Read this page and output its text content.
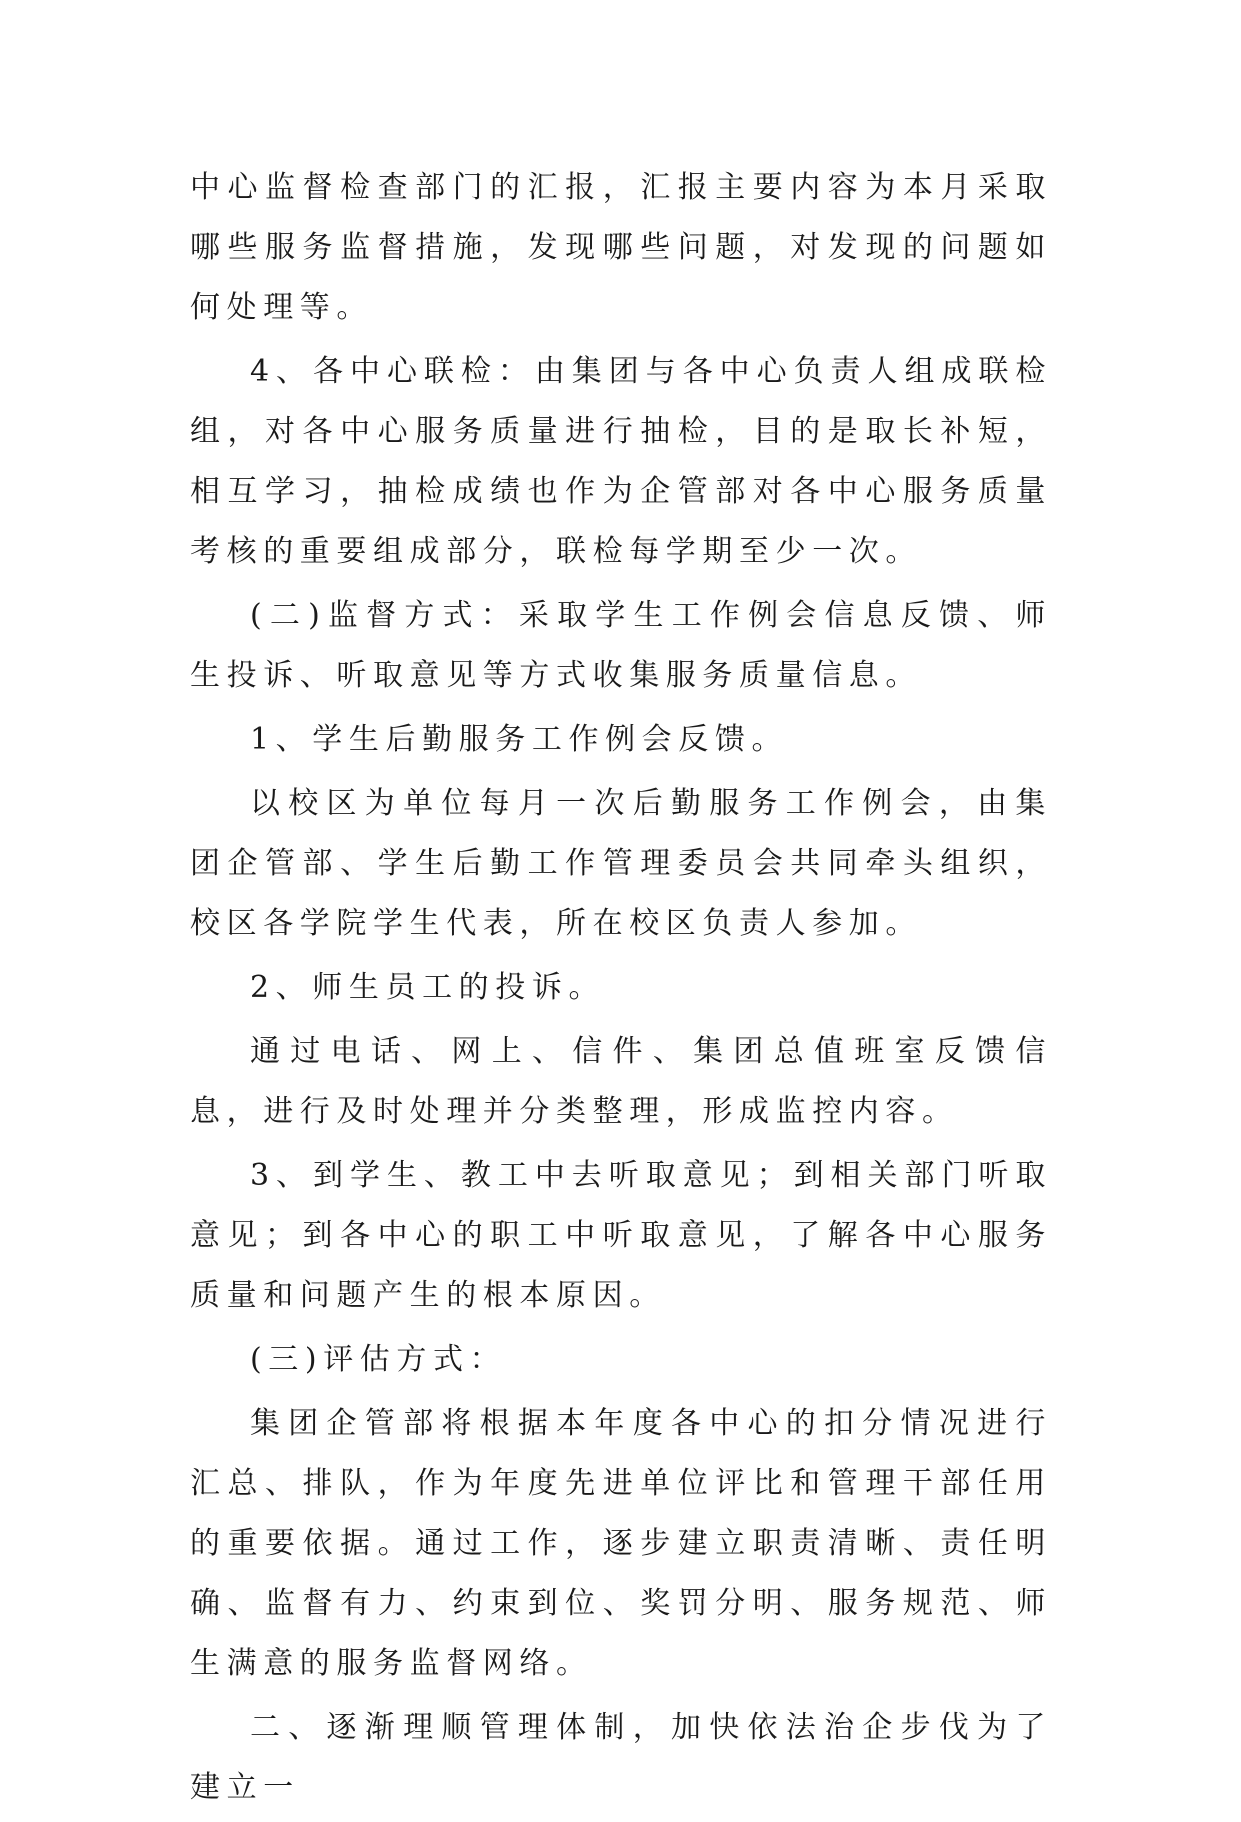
中心监督检查部门的汇报，汇报主要内容为本月采取哪些服务监督措施，发现哪些问题，对发现的问题如何处理等。

4、各中心联检：由集团与各中心负责人组成联检组，对各中心服务质量进行抽检，目的是取长补短，相互学习，抽检成绩也作为企管部对各中心服务质量考核的重要组成部分，联检每学期至少一次。

(二)监督方式：采取学生工作例会信息反馈、师生投诉、听取意见等方式收集服务质量信息。

1、学生后勤服务工作例会反馈。

以校区为单位每月一次后勤服务工作例会，由集团企管部、学生后勤工作管理委员会共同牵头组织，校区各学院学生代表，所在校区负责人参加。

2、师生员工的投诉。

通过电话、网上、信件、集团总值班室反馈信息，进行及时处理并分类整理，形成监控内容。

3、到学生、教工中去听取意见；到相关部门听取意见；到各中心的职工中听取意见，了解各中心服务质量和问题产生的根本原因。

(三)评估方式：

集团企管部将根据本年度各中心的扣分情况进行汇总、排队，作为年度先进单位评比和管理干部任用的重要依据。通过工作，逐步建立职责清晰、责任明确、监督有力、约束到位、奖罚分明、服务规范、师生满意的服务监督网络。

二、逐渐理顺管理体制，加快依法治企步伐为了建立一
